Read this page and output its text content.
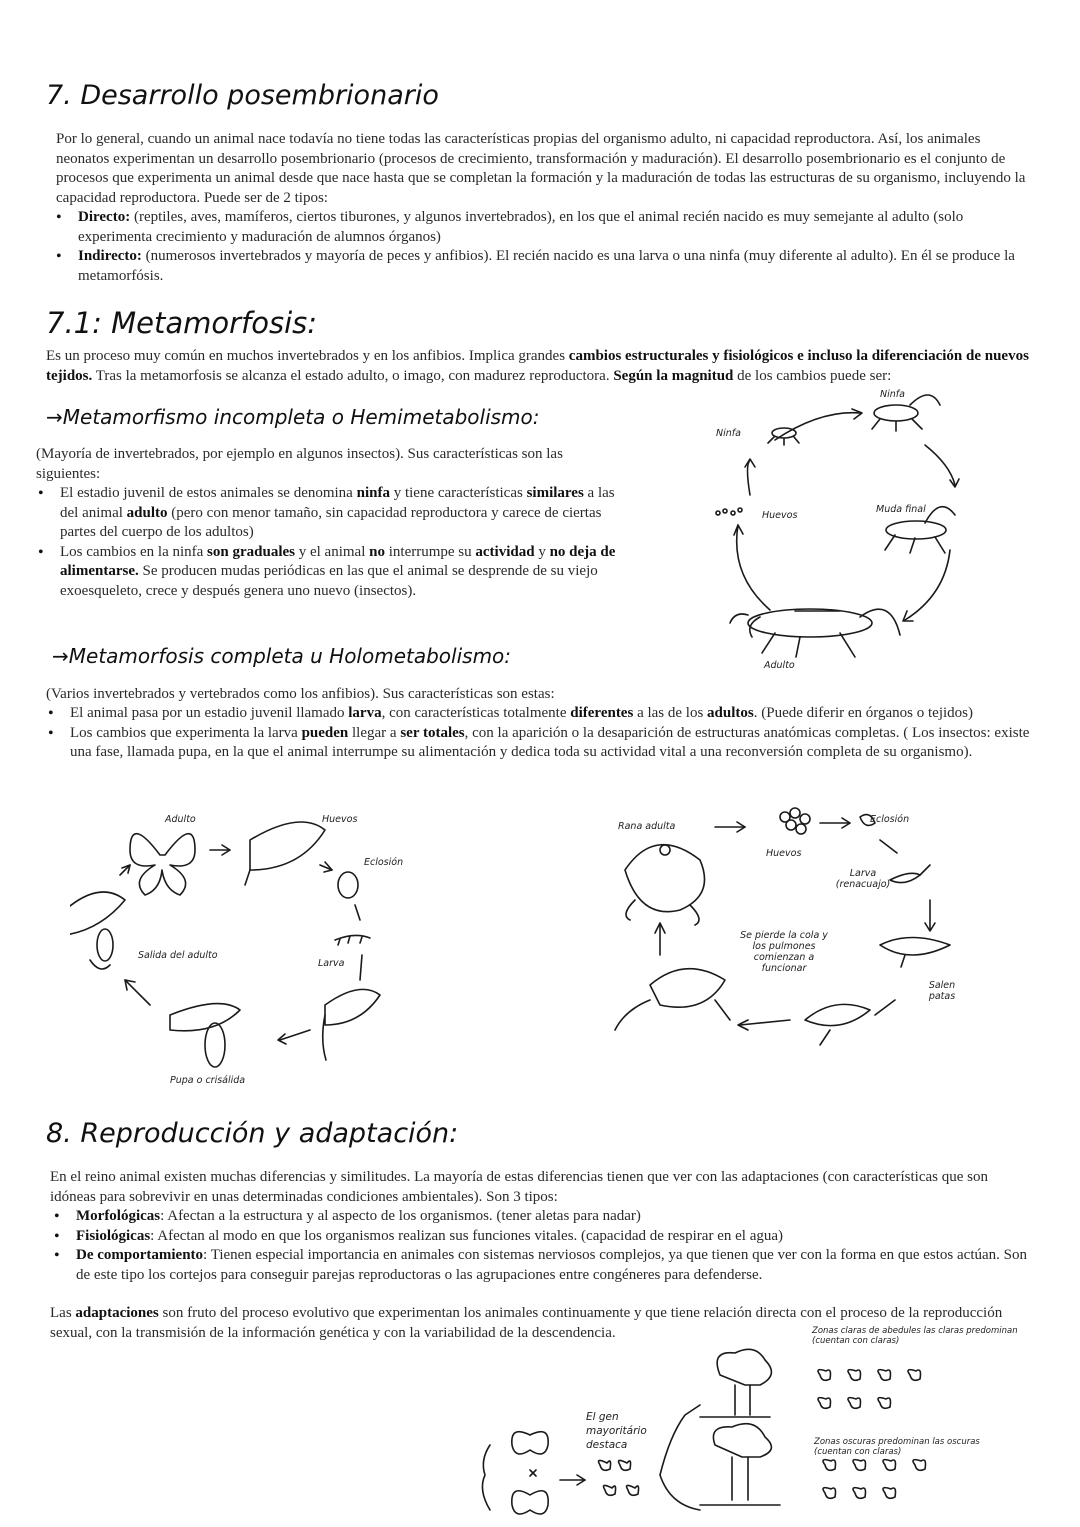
7. Desarrollo posembrionario

Por lo general, cuando un animal nace todavía no tiene todas las características propias del organismo adulto, ni capacidad reproductora. Así, los animales neonatos experimentan un desarrollo posembrionario (procesos de crecimiento, transformación y maduración). El desarrollo posembrionario es el conjunto de procesos que experimenta un animal desde que nace hasta que se completan la formación y la maduración de todas las estructuras de su organismo, incluyendo la capacidad reproductora. Puede ser de 2 tipos:

• Directo: (reptiles, aves, mamíferos, ciertos tiburones, y algunos invertebrados), en los que el animal recién nacido es muy semejante al adulto (solo experimenta crecimiento y maduración de alumnos órganos)
• Indirecto: (numerosos invertebrados y mayoría de peces y anfibios). El recién nacido es una larva o una ninfa (muy diferente al adulto). En él se produce la metamorfósis.
7.1: Metamorfosis:

Es un proceso muy común en muchos invertebrados y en los anfibios. Implica grandes cambios estructurales y fisiológicos e incluso la diferenciación de nuevos tejidos. Tras la metamorfosis se alcanza el estado adulto, o imago, con madurez reproductora. Según la magnitud de los cambios puede ser:

→Metamorfismo incompleta o Hemimetabolismo:

(Mayoría de invertebrados, por ejemplo en algunos insectos). Sus características son las siguientes:

• El estadio juvenil de estos animales se denomina ninfa y tiene características similares a las del animal adulto (pero con menor tamaño, sin capacidad reproductora y carece de ciertas partes del cuerpo de los adultos)
• Los cambios en la ninfa son graduales y el animal no interrumpe su actividad y no deja de alimentarse. Se producen mudas periódicas en las que el animal se desprende de su viejo exoesqueleto, crece y después genera uno nuevo (insectos).
Ninfa
Ninfa
Huevos
Muda final
Adulto
→Metamorfosis completa u Holometabolismo:

(Varios invertebrados y vertebrados como los anfibios). Sus características son estas:

• El animal pasa por un estadio juvenil llamado larva, con características totalmente diferentes a las de los adultos. (Puede diferir en órganos o tejidos)
• Los cambios que experimenta la larva pueden llegar a ser totales, con la aparición o la desaparición de estructuras anatómicas completas. ( Los insectos: existe una fase, llamada pupa, en la que el animal interrumpe su alimentación y dedica toda su actividad vital a una reconversión completa de su organismo).
Adulto	Huevos
Eclosión
Larva
Salida del adulto
Pupa o crisálida
Rana adulta
Huevos
Eclosión
Larva (renacuajo)
Salen patas
Se pierde la cola y los pulmones comienzan a funcionar
8. Reproducción y adaptación:

En el reino animal existen muchas diferencias y similitudes. La mayoría de estas diferencias tienen que ver con las adaptaciones (con características que son idóneas para sobrevivir en unas determinadas condiciones ambientales). Son 3 tipos:

• Morfológicas: Afectan a la estructura y al aspecto de los organismos. (tener aletas para nadar)
• Fisiológicas: Afectan al modo en que los organismos realizan sus funciones vitales. (capacidad de respirar en el agua)
• De comportamiento: Tienen especial importancia en animales con sistemas nerviosos complejos, ya que tienen que ver con la forma en que estos actúan. Son de este tipo los cortejos para conseguir parejas reproductoras o las agrupaciones entre congéneres para defenderse.

Las adaptaciones son fruto del proceso evolutivo que experimentan los animales continuamente y que tiene relación directa con el proceso de la reproducción sexual, con la transmisión de la información genética y con la variabilidad de la descendencia.	Zonas claras de abedules las claras predominan (cuentan con claras)
El gen mayoritário destaca	Zonas oscuras predominan las oscuras (cuentan con claras)
